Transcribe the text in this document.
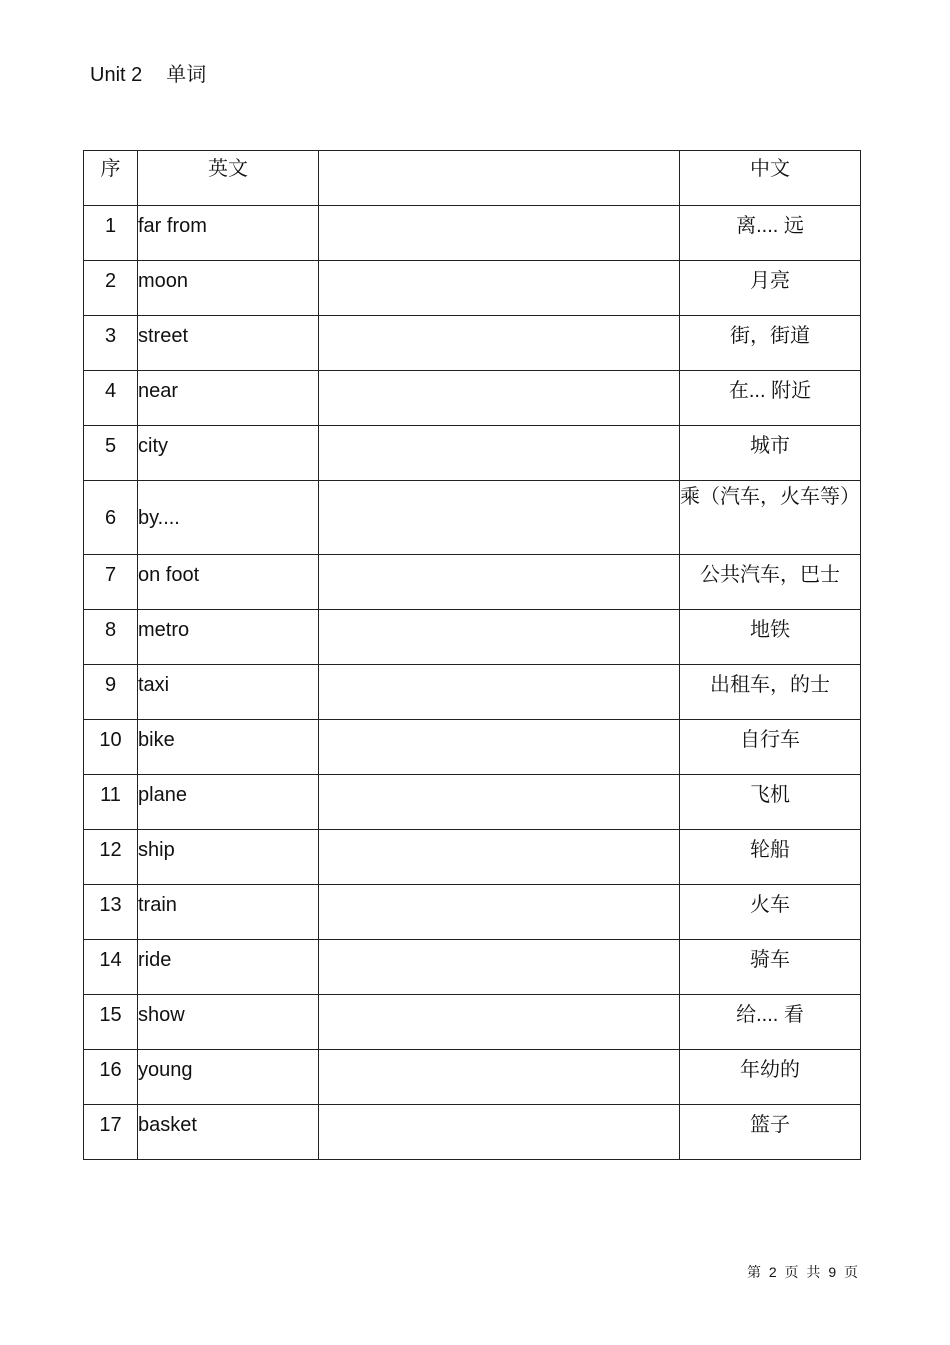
Unit 2 单词
序	英文		中文
1	far from		离.... 远
2	moon		月亮
3	street		街，街道
4	near		在... 附近
5	city		城市
6	by....		乘（汽车，火车等）
7	on foot		公共汽车，巴士
8	metro		地铁
9	taxi		出租车，的士
10	bike		自行车
11	plane		飞机
12	ship		轮船
13	train		火车
14	ride		骑车
15	show		给.... 看
16	young		年幼的
17	basket		篮子
第 2 页 共 9 页
